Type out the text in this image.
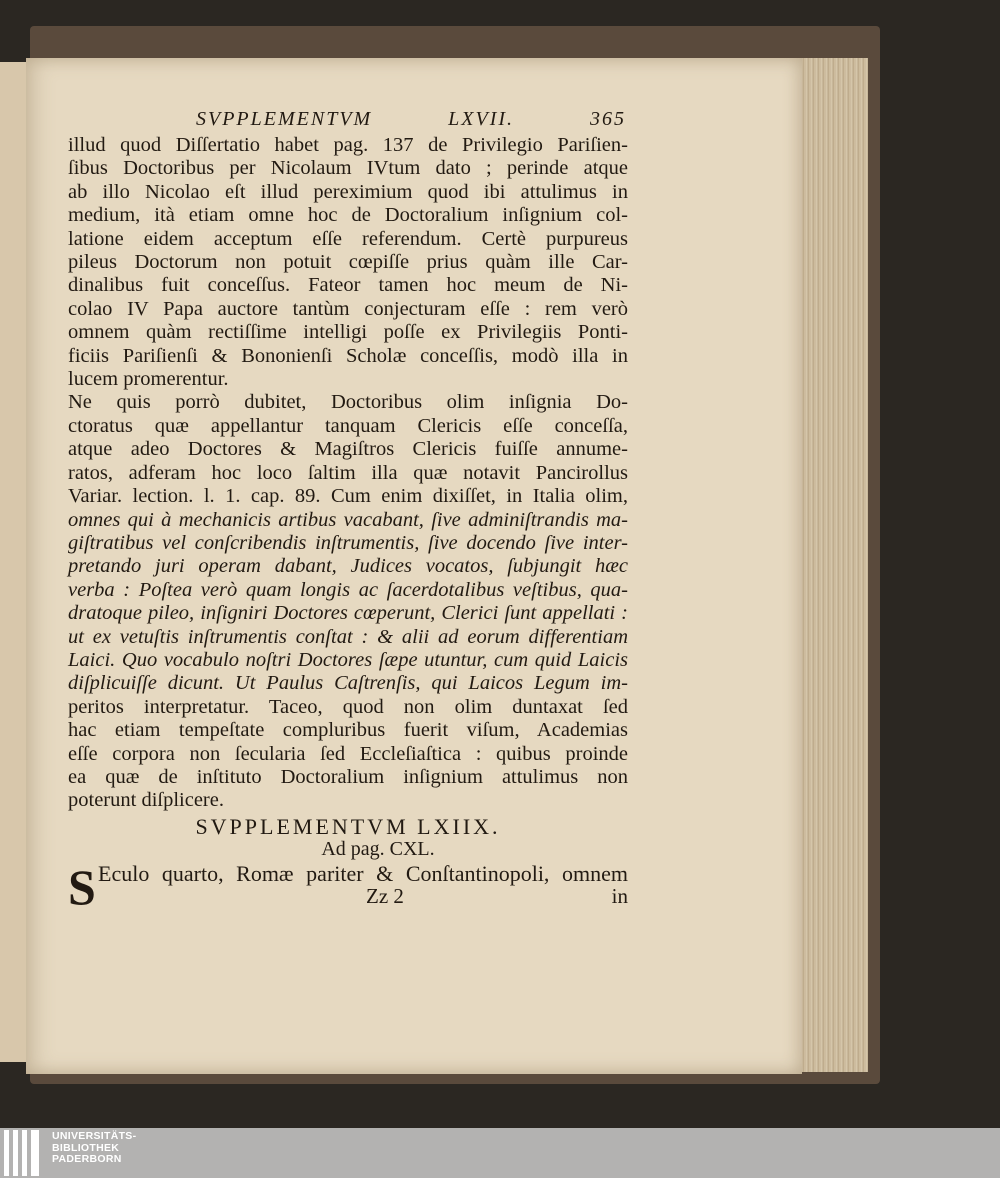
SVPPLEMENTVM	LXVII.	365
illud quod Diſſertatio habet pag. 137 de Privilegio Pariſien-
ſibus Doctoribus per Nicolaum IVtum dato ; perinde atque
ab illo Nicolao eſt illud pereximium quod ibi attulimus in
medium, ità etiam omne hoc de Doctoralium inſignium col-
latione eidem acceptum eſſe referendum. Certè purpureus
pileus Doctorum non potuit cœpiſſe prius quàm ille Car-
dinalibus fuit conceſſus. Fateor tamen hoc meum de Ni-
colao IV Papa auctore tantùm conjecturam eſſe : rem verò
omnem quàm rectiſſime intelligi poſſe ex Privilegiis Ponti-
ficiis Pariſienſi & Bononienſi Scholæ conceſſis, modò illa in
lucem promerentur.
Ne quis porrò dubitet, Doctoribus olim inſignia Do-
ctoratus quæ appellantur tanquam Clericis eſſe conceſſa,
atque adeo Doctores & Magiſtros Clericis fuiſſe annume-
ratos, adferam hoc loco ſaltim illa quæ notavit Pancirollus
Variar. lection. l. 1. cap. 89. Cum enim dixiſſet, in Italia olim,
omnes qui à mechanicis artibus vacabant, ſive adminiſtrandis ma-
giſtratibus vel conſcribendis inſtrumentis, ſive docendo ſive inter-
pretando juri operam dabant, Judices vocatos, ſubjungit hæc
verba : Poſtea verò quam longis ac ſacerdotalibus veſtibus, qua-
dratoque pileo, inſigniri Doctores cœperunt, Clerici ſunt appellati :
ut ex vetuſtis inſtrumentis conſtat : & alii ad eorum differentiam
Laici. Quo vocabulo noſtri Doctores ſæpe utuntur, cum quid Laicis
diſplicuiſſe dicunt. Ut Paulus Caſtrenſis, qui Laicos Legum im-
peritos interpretatur. Taceo, quod non olim duntaxat ſed
hac etiam tempeſtate compluribus fuerit viſum, Academias
eſſe corpora non ſecularia ſed Eccleſiaſtica : quibus proinde
ea quæ de inſtituto Doctoralium inſignium attulimus non
poterunt diſplicere.
SVPPLEMENTVM LXIIX.
Ad pag. CXL.
S Eculo quarto, Romæ pariter & Conſtantinopoli, omnem
Zz 2	in
UNIVERSITÄTS-
BIBLIOTHEK
PADERBORN
